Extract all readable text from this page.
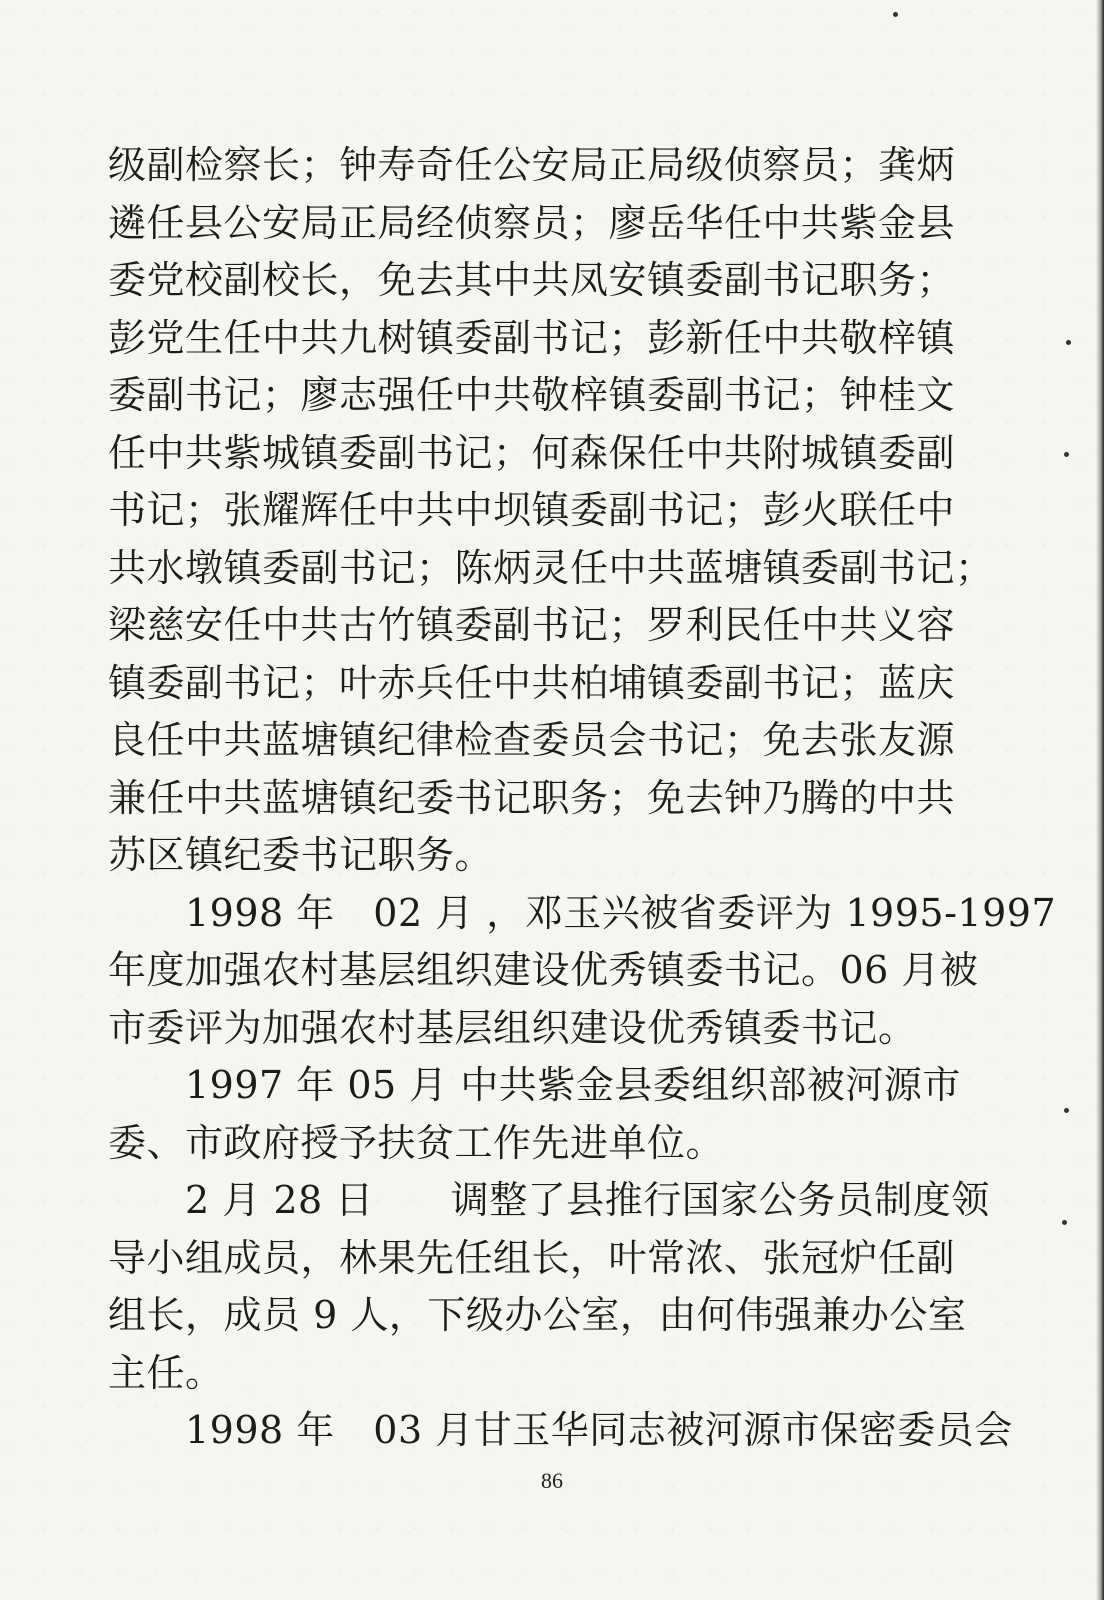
级副检察长；钟寿奇任公安局正局级侦察员；龚炳
遴任县公安局正局经侦察员；廖岳华任中共紫金县
委党校副校长，免去其中共凤安镇委副书记职务；
彭党生任中共九树镇委副书记；彭新任中共敬梓镇
委副书记；廖志强任中共敬梓镇委副书记；钟桂文
任中共紫城镇委副书记；何森保任中共附城镇委副
书记；张耀辉任中共中坝镇委副书记；彭火联任中
共水墩镇委副书记；陈炳灵任中共蓝塘镇委副书记；
梁慈安任中共古竹镇委副书记；罗利民任中共义容
镇委副书记；叶赤兵任中共柏埔镇委副书记；蓝庆
良任中共蓝塘镇纪律检查委员会书记；免去张友源
兼任中共蓝塘镇纪委书记职务；免去钟乃腾的中共
苏区镇纪委书记职务。
　　1998 年　02 月 ，邓玉兴被省委评为 1995-1997
年度加强农村基层组织建设优秀镇委书记。06 月被
市委评为加强农村基层组织建设优秀镇委书记。
　　1997 年 05 月 中共紫金县委组织部被河源市
委、市政府授予扶贫工作先进单位。
　　2 月 28 日　　调整了县推行国家公务员制度领
导小组成员，林果先任组长，叶常浓、张冠炉任副
组长，成员 9 人，下级办公室，由何伟强兼办公室
主任。
　　1998 年　03 月甘玉华同志被河源市保密委员会
86
